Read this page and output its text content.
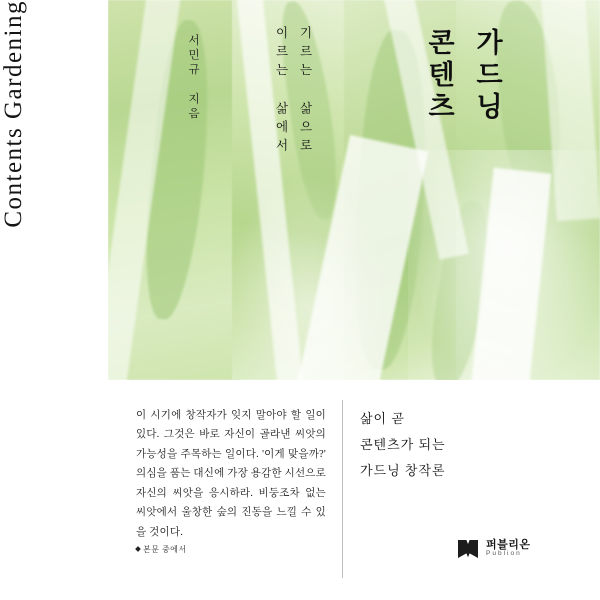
Contents Gardening	서민규 지음	이르는 삶에서 기르는 삶으로	콘텐츠 가드닝
이 시기에 창작자가 잊지 말아야 할 일이 있다. 그것은 바로 자신이 골라낸 씨앗의 가능성을 주목하는 일이다. '이게 맞을까?' 의심을 품는 대신에 가장 용감한 시선으로 자신의 씨앗을 응시하라. 비둥조차 없는 씨앗에서 울창한 숲의 진동을 느낄 수 있을 것이다.
본문 중에서
삶이 곧
콘텐츠가 되는
가드닝 창작론
퍼블리온
Publion
